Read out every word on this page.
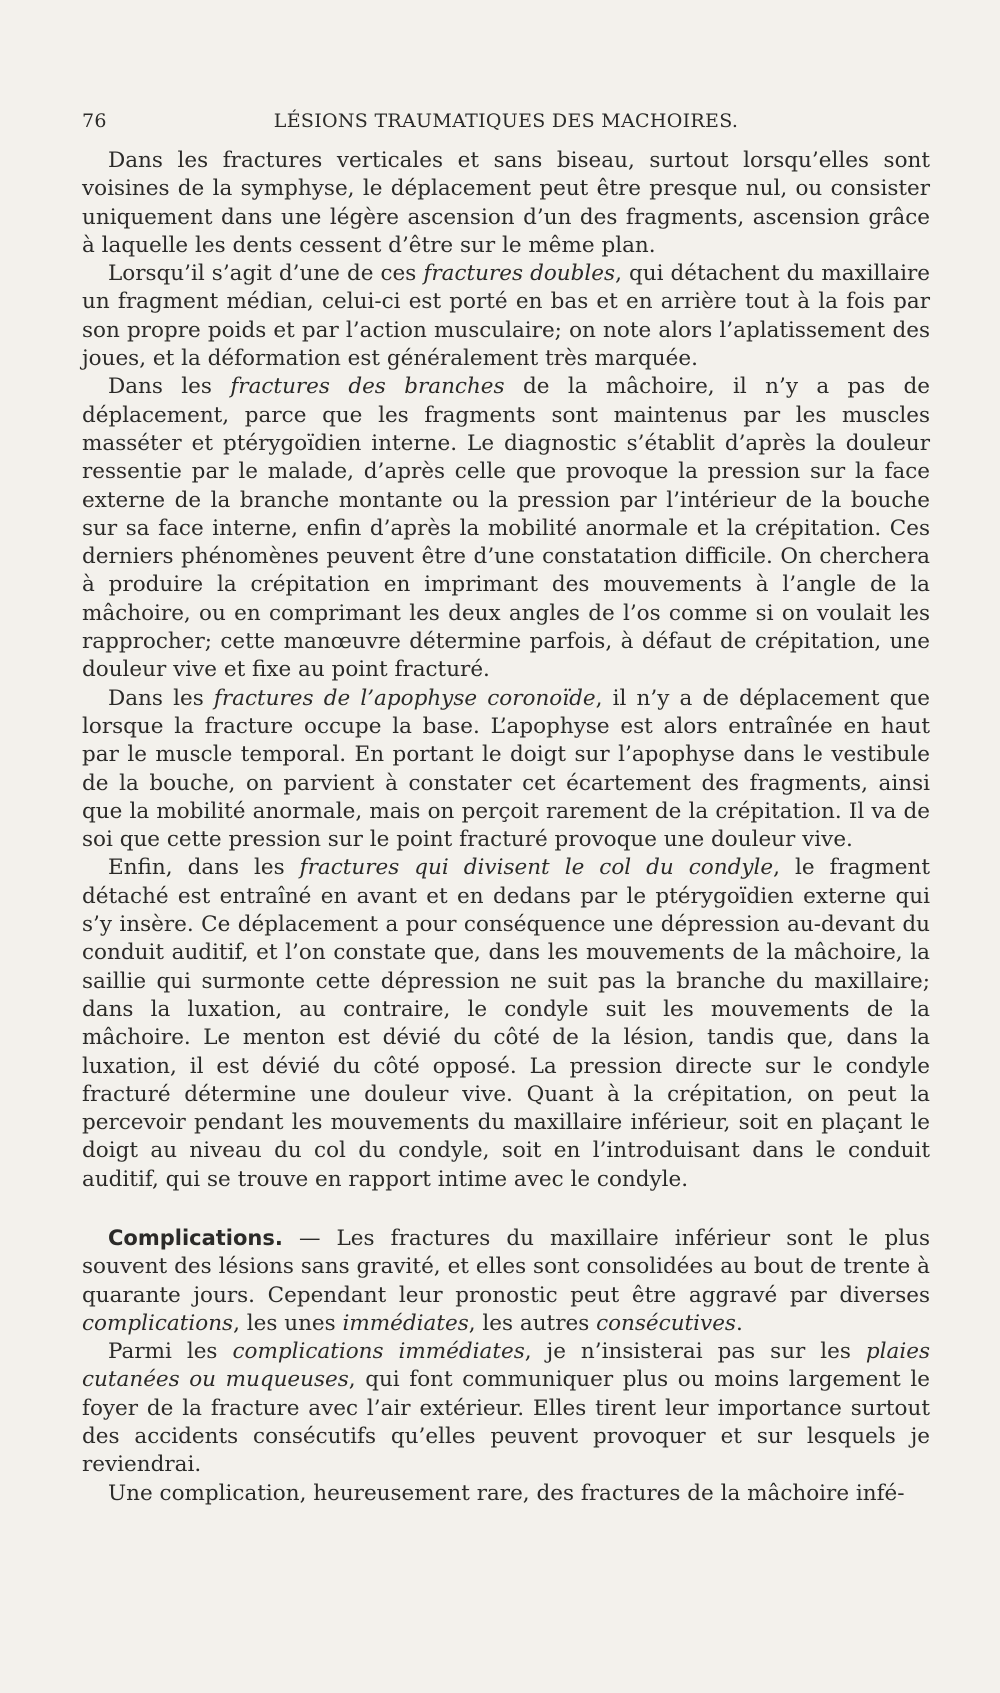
76	LÉSIONS TRAUMATIQUES DES MACHOIRES.

Dans les fractures verticales et sans biseau, surtout lorsqu’elles sont voisines de la symphyse, le déplacement peut être presque nul, ou consister uniquement dans une légère ascension d’un des fragments, ascension grâce à laquelle les dents cessent d’être sur le même plan.

Lorsqu’il s’agit d’une de ces fractures doubles, qui détachent du maxillaire un fragment médian, celui-ci est porté en bas et en arrière tout à la fois par son propre poids et par l’action musculaire; on note alors l’aplatissement des joues, et la déformation est généralement très marquée.

Dans les fractures des branches de la mâchoire, il n’y a pas de déplacement, parce que les fragments sont maintenus par les muscles masséter et ptérygoïdien interne. Le diagnostic s’établit d’après la douleur ressentie par le malade, d’après celle que provoque la pression sur la face externe de la branche montante ou la pression par l’intérieur de la bouche sur sa face interne, enfin d’après la mobilité anormale et la crépitation. Ces derniers phénomènes peuvent être d’une constatation difficile. On cherchera à produire la crépitation en imprimant des mouvements à l’angle de la mâchoire, ou en comprimant les deux angles de l’os comme si on voulait les rapprocher; cette manœuvre détermine parfois, à défaut de crépitation, une douleur vive et fixe au point fracturé.

Dans les fractures de l’apophyse coronoïde, il n’y a de déplacement que lorsque la fracture occupe la base. L’apophyse est alors entraînée en haut par le muscle temporal. En portant le doigt sur l’apophyse dans le vestibule de la bouche, on parvient à constater cet écartement des fragments, ainsi que la mobilité anormale, mais on perçoit rarement de la crépitation. Il va de soi que cette pression sur le point fracturé provoque une douleur vive.

Enfin, dans les fractures qui divisent le col du condyle, le fragment détaché est entraîné en avant et en dedans par le ptérygoïdien externe qui s’y insère. Ce déplacement a pour conséquence une dépression au-devant du conduit auditif, et l’on constate que, dans les mouvements de la mâchoire, la saillie qui surmonte cette dépression ne suit pas la branche du maxillaire; dans la luxation, au contraire, le condyle suit les mouvements de la mâchoire. Le menton est dévié du côté de la lésion, tandis que, dans la luxation, il est dévié du côté opposé. La pression directe sur le condyle fracturé détermine une douleur vive. Quant à la crépitation, on peut la percevoir pendant les mouvements du maxillaire inférieur, soit en plaçant le doigt au niveau du col du condyle, soit en l’introduisant dans le conduit auditif, qui se trouve en rapport intime avec le condyle.

Complications. — Les fractures du maxillaire inférieur sont le plus souvent des lésions sans gravité, et elles sont consolidées au bout de trente à quarante jours. Cependant leur pronostic peut être aggravé par diverses complications, les unes immédiates, les autres consécutives.

Parmi les complications immédiates, je n’insisterai pas sur les plaies cutanées ou muqueuses, qui font communiquer plus ou moins largement le foyer de la fracture avec l’air extérieur. Elles tirent leur importance surtout des accidents consécutifs qu’elles peuvent provoquer et sur lesquels je reviendrai.

Une complication, heureusement rare, des fractures de la mâchoire infé-
